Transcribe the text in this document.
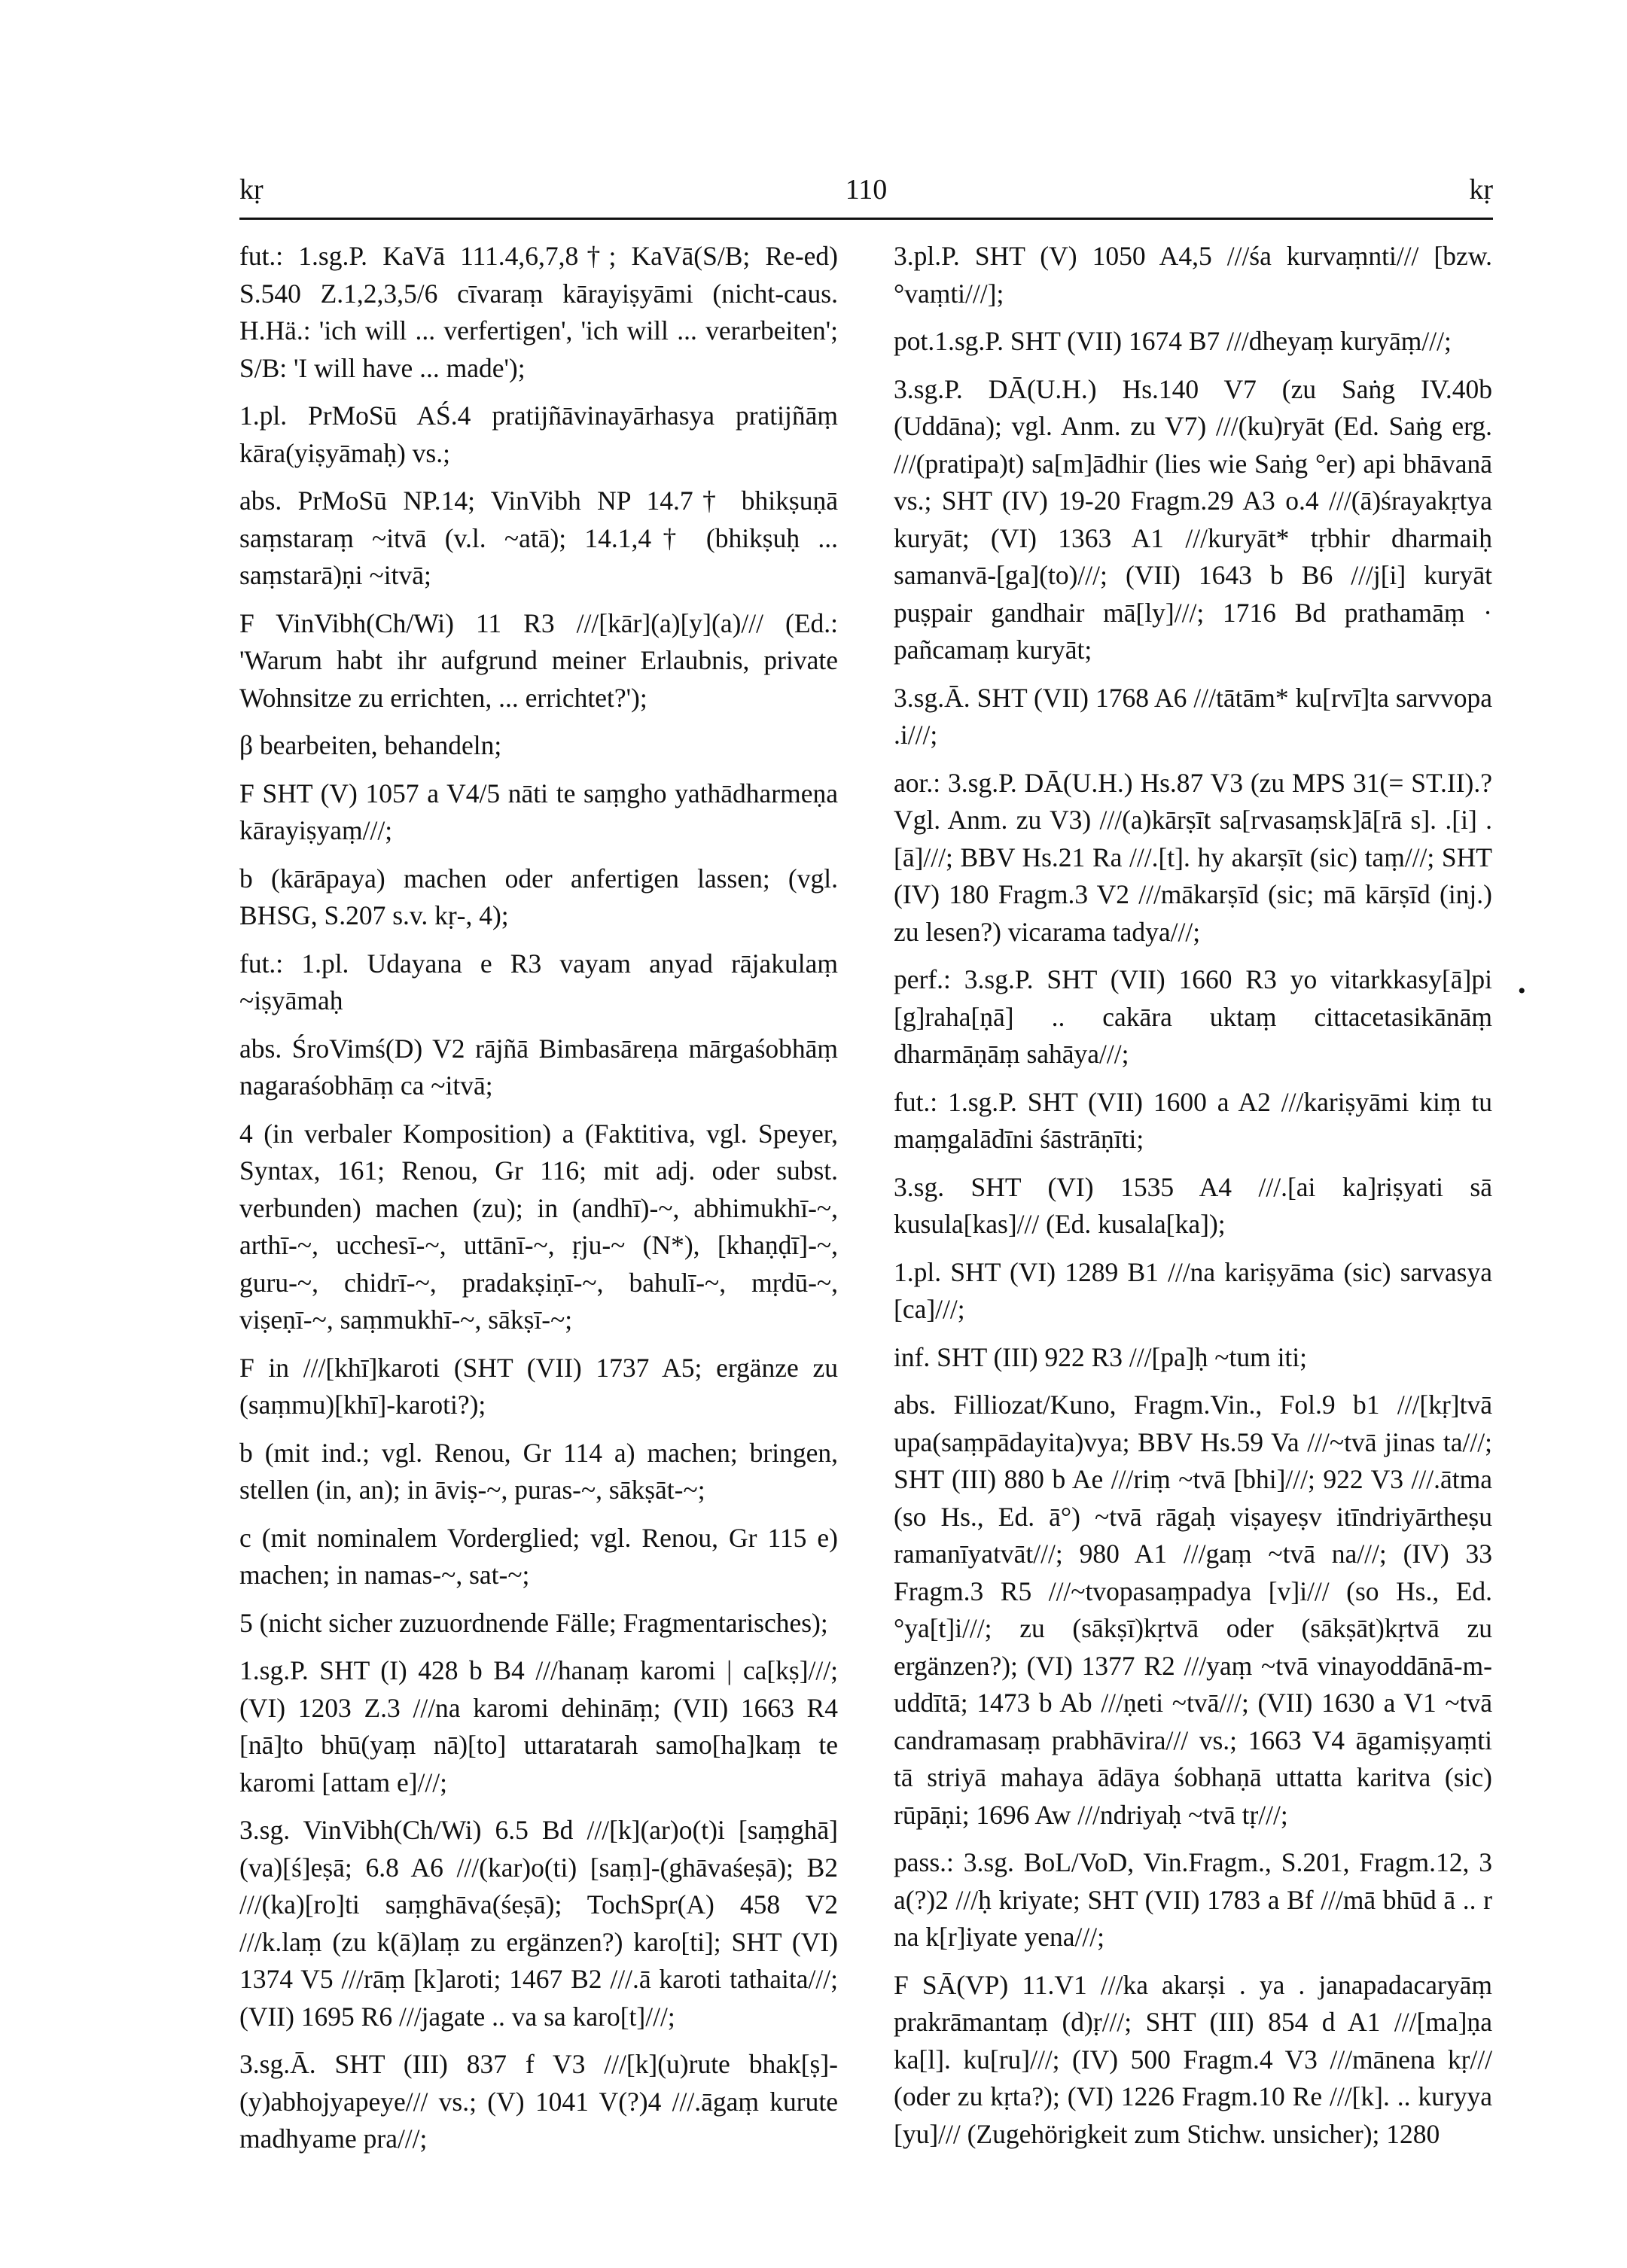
kṛ	110	kṛ

fut.: 1.sg.P. KaVā 111.4,6,7,8†; KaVā(S/B; Re-ed) S.540 Z.1,2,3,5/6 cīvaraṃ kārayiṣyāmi (nicht-caus. H.Hä.: 'ich will ... verfertigen', 'ich will ... verarbeiten'; S/B: 'I will have ... made');

1.pl. PrMoSū AŚ.4 pratijñāvinayārhasya pratijñāṃ kāra(yiṣyāmaḥ) vs.;

abs. PrMoSū NP.14; VinVibh NP 14.7† bhikṣuṇā saṃstaraṃ ~itvā (v.l. ~atā); 14.1,4† (bhikṣuḥ ... saṃstarā)ṇi ~itvā;

F VinVibh(Ch/Wi) 11 R3 ///[kār](a)[y](a)/// (Ed.: 'Warum habt ihr aufgrund meiner Erlaubnis, private Wohnsitze zu errichten, ... errichtet?');

β bearbeiten, behandeln;

F SHT (V) 1057 a V4/5 nāti te saṃgho yathādharmeṇa kārayiṣyaṃ///;

b (kārāpaya) machen oder anfertigen lassen; (vgl. BHSG, S.207 s.v. kṛ-, 4);

fut.: 1.pl. Udayana e R3 vayam anyad rājakulaṃ ~iṣyāmaḥ

abs. ŚroVimś(D) V2 rājñā Bimbasāreṇa mārgaśobhāṃ nagaraśobhāṃ ca ~itvā;

4 (in verbaler Komposition) a (Faktitiva, vgl. Speyer, Syntax, 161; Renou, Gr 116; mit adj. oder subst. verbunden) machen (zu); in (andhī)-~, abhimukhī-~, arthī-~, ucchesī-~, uttānī-~, ṛju-~ (N*), [khaṇḍī]-~, guru-~, chidrī-~, pradakṣiṇī-~, bahulī-~, mṛdū-~, viṣeṇī-~, saṃmukhī-~, sākṣī-~;

F in ///[khī]karoti (SHT (VII) 1737 A5; ergänze zu (saṃmu)[khī]-karoti?);

b (mit ind.; vgl. Renou, Gr 114 a) machen; bringen, stellen (in, an); in āviṣ-~, puras-~, sākṣāt-~;

c (mit nominalem Vorderglied; vgl. Renou, Gr 115 e) machen; in namas-~, sat-~;

5 (nicht sicher zuzuordnende Fälle; Fragmentarisches);

1.sg.P. SHT (I) 428 b B4 ///hanaṃ karomi | ca[kṣ]///; (VI) 1203 Z.3 ///na karomi dehināṃ; (VII) 1663 R4 [nā]to bhū(yaṃ nā)[to] uttaratarah samo[ha]kaṃ te karomi [attam e]///;

3.sg. VinVibh(Ch/Wi) 6.5 Bd ///[k](ar)o(t)i [saṃghā](va)[ś]eṣā; 6.8 A6 ///(kar)o(ti) [saṃ]-(ghāvaśeṣā); B2 ///(ka)[ro]ti saṃghāva(śeṣā); TochSpr(A) 458 V2 ///k.laṃ (zu k(ā)laṃ zu ergänzen?) karo[ti]; SHT (VI) 1374 V5 ///rāṃ [k]aroti; 1467 B2 ///.ā karoti tathaita///; (VII) 1695 R6 ///jagate .. va sa karo[t]///;

3.sg.Ā. SHT (III) 837 f V3 ///[k](u)rute bhak[ṣ]-(y)abhojyapeye/// vs.; (V) 1041 V(?)4 ///.āgaṃ kurute madhyame pra///;

3.pl.P. SHT (V) 1050 A4,5 ///śa kurvaṃnti/// [bzw. °vaṃti///];

pot.1.sg.P. SHT (VII) 1674 B7 ///dheyaṃ kuryāṃ///;

3.sg.P. DĀ(U.H.) Hs.140 V7 (zu Saṅg IV.40b (Uddāna); vgl. Anm. zu V7) ///(ku)ryāt (Ed. Saṅg erg. ///(pratipa)t) sa[m]ādhir (lies wie Saṅg °er) api bhāvanā vs.; SHT (IV) 19-20 Fragm.29 A3 o.4 ///(ā)śrayakṛtya kuryāt; (VI) 1363 A1 ///kuryāt* tṛbhir dharmaiḥ samanvā-[ga](to)///; (VII) 1643 b B6 ///j[i] kuryāt puṣpair gandhair mā[ly]///; 1716 Bd prathamāṃ · pañcamaṃ kuryāt;

3.sg.Ā. SHT (VII) 1768 A6 ///tātām* ku[rvī]ta sarvvopa .i///;

aor.: 3.sg.P. DĀ(U.H.) Hs.87 V3 (zu MPS 31(= ST.II).? Vgl. Anm. zu V3) ///(a)kārṣīt sa[rvasaṃsk]ā[rā s]. .[i] .[ā]///; BBV Hs.21 Ra ///.[t]. hy akarṣīt (sic) taṃ///; SHT (IV) 180 Fragm.3 V2 ///mākarṣīd (sic; mā kārṣīd (inj.) zu lesen?) vicarama tadya///;

perf.: 3.sg.P. SHT (VII) 1660 R3 yo vitarkkasy[ā]pi [g]raha[ṇā] .. cakāra uktaṃ cittacetasikānāṃ dharmāṇāṃ sahāya///;

fut.: 1.sg.P. SHT (VII) 1600 a A2 ///kariṣyāmi kiṃ tu maṃgalādīni śāstrāṇīti;

3.sg. SHT (VI) 1535 A4 ///.[ai ka]riṣyati sā kusula[kas]/// (Ed. kusala[ka]);

1.pl. SHT (VI) 1289 B1 ///na kariṣyāma (sic) sarvasya [ca]///;

inf. SHT (III) 922 R3 ///[pa]ḥ ~tum iti;

abs. Filliozat/Kuno, Fragm.Vin., Fol.9 b1 ///[kṛ]tvā upa(saṃpādayita)vya; BBV Hs.59 Va ///~tvā jinas ta///; SHT (III) 880 b Ae ///riṃ ~tvā [bhi]///; 922 V3 ///.ātma (so Hs., Ed. ā°) ~tvā rāgaḥ viṣayeṣv itīndriyārtheṣu ramanīyatvāt///; 980 A1 ///gaṃ ~tvā na///; (IV) 33 Fragm.3 R5 ///~tvopasaṃpadya [v]i/// (so Hs., Ed. °ya[t]i///; zu (sākṣī)kṛtvā oder (sākṣāt)kṛtvā zu ergänzen?); (VI) 1377 R2 ///yaṃ ~tvā vinayoddānā-m-uddītā; 1473 b Ab ///ṇeti ~tvā///; (VII) 1630 a V1 ~tvā candramasaṃ prabhāvira/// vs.; 1663 V4 āgamiṣyaṃti tā striyā mahaya ādāya śobhaṇā uttatta karitva (sic) rūpāṇi; 1696 Aw ///ndriyaḥ ~tvā tṛ///;

pass.: 3.sg. BoL/VoD, Vin.Fragm., S.201, Fragm.12, 3 a(?)2 ///ḥ kriyate; SHT (VII) 1783 a Bf ///mā bhūd ā .. r na k[r]iyate yena///;

F SĀ(VP) 11.V1 ///ka akarṣi . ya . janapadacaryāṃ prakrāmantaṃ (d)ṛ///; SHT (III) 854 d A1 ///[ma]ṇa ka[l]. ku[ru]///; (IV) 500 Fragm.4 V3 ///mānena kṛ/// (oder zu kṛta?); (VI) 1226 Fragm.10 Re ///[k]. .. kuryya [yu]/// (Zugehörigkeit zum Stichw. unsicher); 1280

•
